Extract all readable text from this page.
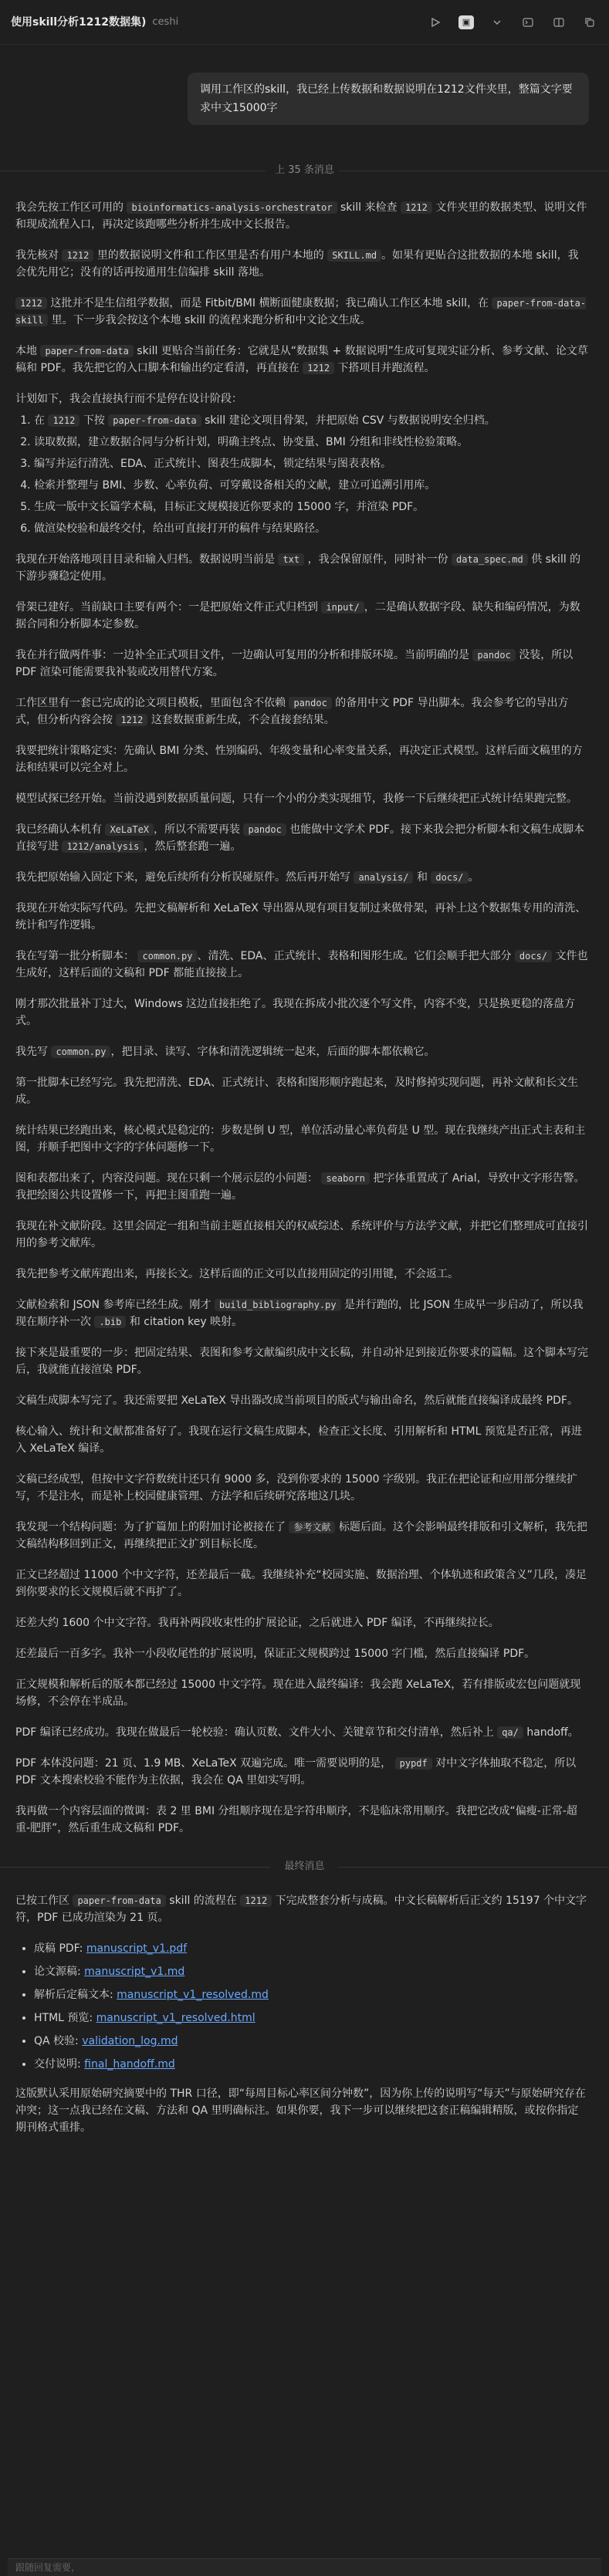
使用skill分析1212数据集) ceshi	▣
调用工作区的skill，我已经上传数据和数据说明在1212文件夹里，整篇文字要求中文15000字
上 35 条消息

我会先按工作区可用的 bioinformatics-analysis-orchestrator skill 来检查 1212 文件夹里的数据类型、说明文件和现成流程入口，再决定该跑哪些分析并生成中文长报告。

我先核对 1212 里的数据说明文件和工作区里是否有用户本地的 SKILL.md 。如果有更贴合这批数据的本地 skill，我会优先用它；没有的话再按通用生信编排 skill 落地。

1212 这批并不是生信组学数据，而是 Fitbit/BMI 横断面健康数据；我已确认工作区本地 skill，在 paper-from-data-skill 里。下一步我会按这个本地 skill 的流程来跑分析和中文论文生成。

本地 paper-from-data skill 更贴合当前任务：它就是从“数据集 + 数据说明”生成可复现实证分析、参考文献、论文草稿和 PDF。我先把它的入口脚本和输出约定看清，再直接在 1212 下搭项目并跑流程。

计划如下，我会直接执行而不是停在设计阶段：

1. 在 1212 下按 paper-from-data skill 建论文项目骨架，并把原始 CSV 与数据说明安全归档。
2. 读取数据，建立数据合同与分析计划，明确主终点、协变量、BMI 分组和非线性检验策略。
3. 编写并运行清洗、EDA、正式统计、图表生成脚本，锁定结果与图表表格。
4. 检索并整理与 BMI、步数、心率负荷、可穿戴设备相关的文献，建立可追溯引用库。
5. 生成一版中文长篇学术稿，目标正文规模接近你要求的 15000 字，并渲染 PDF。
6. 做渲染校验和最终交付，给出可直接打开的稿件与结果路径。

我现在开始落地项目目录和输入归档。数据说明当前是 txt ，我会保留原件，同时补一份 data_spec.md 供 skill 的下游步骤稳定使用。

骨架已建好。当前缺口主要有两个：一是把原始文件正式归档到 input/ ，二是确认数据字段、缺失和编码情况，为数据合同和分析脚本定参数。

我在并行做两件事：一边补全正式项目文件，一边确认可复用的分析和排版环境。当前明确的是 pandoc 没装，所以 PDF 渲染可能需要我补装或改用替代方案。

工作区里有一套已完成的论文项目模板，里面包含不依赖 pandoc 的备用中文 PDF 导出脚本。我会参考它的导出方式，但分析内容会按 1212 这套数据重新生成，不会直接套结果。

我要把统计策略定实：先确认 BMI 分类、性别编码、年级变量和心率变量关系，再决定正式模型。这样后面文稿里的方法和结果可以完全对上。

模型试探已经开始。当前没遇到数据质量问题，只有一个小的分类实现细节，我修一下后继续把正式统计结果跑完整。

我已经确认本机有 XeLaTeX ，所以不需要再装 pandoc 也能做中文学术 PDF。接下来我会把分析脚本和文稿生成脚本直接写进 1212/analysis ，然后整套跑一遍。

我先把原始输入固定下来，避免后续所有分析误碰原件。然后再开始写 analysis/ 和 docs/ 。

我现在开始实际写代码。先把文稿解析和 XeLaTeX 导出器从现有项目复制过来做骨架，再补上这个数据集专用的清洗、统计和写作逻辑。

我在写第一批分析脚本： common.py 、清洗、EDA、正式统计、表格和图形生成。它们会顺手把大部分 docs/ 文件也生成好，这样后面的文稿和 PDF 都能直接接上。

刚才那次批量补丁过大，Windows 这边直接拒绝了。我现在拆成小批次逐个写文件，内容不变，只是换更稳的落盘方式。

我先写 common.py ，把目录、读写、字体和清洗逻辑统一起来，后面的脚本都依赖它。

第一批脚本已经写完。我先把清洗、EDA、正式统计、表格和图形顺序跑起来，及时修掉实现问题，再补文献和长文生成。

统计结果已经跑出来，核心模式是稳定的：步数是倒 U 型，单位活动量心率负荷是 U 型。现在我继续产出正式主表和主图，并顺手把图中文字的字体问题修一下。

图和表都出来了，内容没问题。现在只剩一个展示层的小问题： seaborn 把字体重置成了 Arial，导致中文字形告警。我把绘图公共设置修一下，再把主图重跑一遍。

我现在补文献阶段。这里会固定一组和当前主题直接相关的权威综述、系统评价与方法学文献，并把它们整理成可直接引用的参考文献库。

我先把参考文献库跑出来，再接长文。这样后面的正文可以直接用固定的引用键，不会返工。

文献检索和 JSON 参考库已经生成。刚才 build_bibliography.py 是并行跑的，比 JSON 生成早一步启动了，所以我现在顺序补一次 .bib 和 citation key 映射。

接下来是最重要的一步：把固定结果、表图和参考文献编织成中文长稿，并自动补足到接近你要求的篇幅。这个脚本写完后，我就能直接渲染 PDF。

文稿生成脚本写完了。我还需要把 XeLaTeX 导出器改成当前项目的版式与输出命名，然后就能直接编译成最终 PDF。

核心输入、统计和文献都准备好了。我现在运行文稿生成脚本，检查正文长度、引用解析和 HTML 预览是否正常，再进入 XeLaTeX 编译。

文稿已经成型，但按中文字符数统计还只有 9000 多，没到你要求的 15000 字级别。我正在把论证和应用部分继续扩写，不是注水，而是补上校园健康管理、方法学和后续研究落地这几块。

我发现一个结构问题：为了扩篇加上的附加讨论被接在了 参考文献 标题后面。这个会影响最终排版和引文解析，我先把文稿结构移回到正文，再继续把正文扩到目标长度。

正文已经超过 11000 个中文字符，还差最后一截。我继续补充“校园实施、数据治理、个体轨迹和政策含义”几段，凑足到你要求的长文规模后就不再扩了。

还差大约 1600 个中文字符。我再补两段收束性的扩展论证，之后就进入 PDF 编译，不再继续拉长。

还差最后一百多字。我补一小段收尾性的扩展说明，保证正文规模跨过 15000 字门槛，然后直接编译 PDF。

正文规模和解析后的版本都已经过 15000 中文字符。现在进入最终编译：我会跑 XeLaTeX，若有排版或宏包问题就现场修，不会停在半成品。

PDF 编译已经成功。我现在做最后一轮校验：确认页数、文件大小、关键章节和交付清单，然后补上 qa/ handoff。

PDF 本体没问题：21 页、1.9 MB、XeLaTeX 双遍完成。唯一需要说明的是， pypdf 对中文字体抽取不稳定，所以 PDF 文本搜索校验不能作为主依据，我会在 QA 里如实写明。

我再做一个内容层面的微调：表 2 里 BMI 分组顺序现在是字符串顺序，不是临床常用顺序。我把它改成“偏瘦-正常-超重-肥胖”，然后重生成文稿和 PDF。

最终消息

已按工作区 paper-from-data skill 的流程在 1212 下完成整套分析与成稿。中文长稿解析后正文约 15197 个中文字符，PDF 已成功渲染为 21 页。

• 成稿 PDF: manuscript_v1.pdf
• 论文源稿: manuscript_v1.md
• 解析后定稿文本: manuscript_v1_resolved.md
• HTML 预览: manuscript_v1_resolved.html
• QA 校验: validation_log.md
• 交付说明: final_handoff.md

这版默认采用原始研究摘要中的 THR 口径，即“每周目标心率区间分钟数”，因为你上传的说明写“每天”与原始研究存在冲突；这一点我已经在文稿、方法和 QA 里明确标注。如果你要，我下一步可以继续把这套正稿编辑精版，或按你指定期刊格式重排。

跟随回复需要，
